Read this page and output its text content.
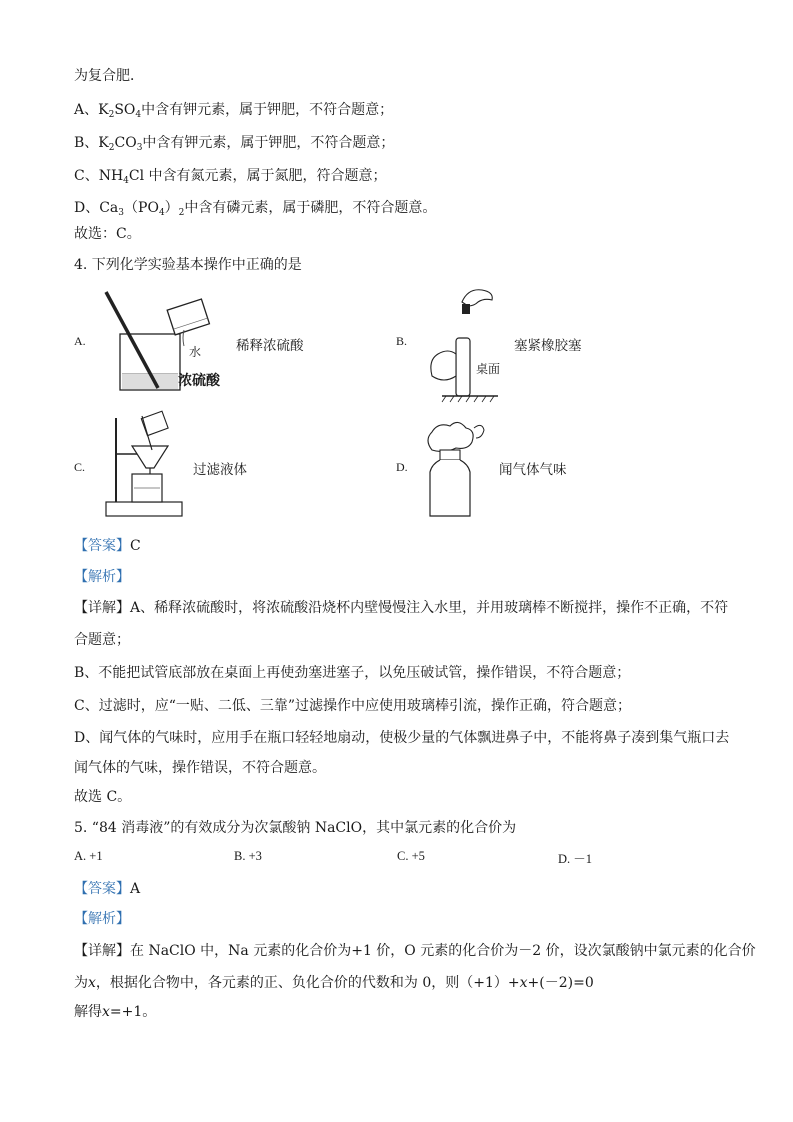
为复合肥．
A、$K_2SO_4$中含有钾元素，属于钾肥，不符合题意；
B、$K_2CO_3$中含有钾元素，属于钾肥，不符合题意；
C、$NH_4Cl$ 中含有氮元素，属于氮肥，符合题意；
D、$Ca_3(PO_4)_2$中含有磷元素，属于磷肥，不符合题意。
故选：C。
4. 下列化学实验基本操作中正确的是
A.
水
浓硫酸
稀释浓硫酸	B.
桌面
塞紧橡胶塞
C.	过滤液体	D.	闻气体气味
【答案】C
【解析】
【详解】A、稀释浓硫酸时，将浓硫酸沿烧杯内壁慢慢注入水里，并用玻璃棒不断搅拌，操作不正确，不符
合题意；
B、不能把试管底部放在桌面上再使劲塞进塞子，以免压破试管，操作错误，不符合题意；
C、过滤时，应“一贴、二低、三靠”过滤操作中应使用玻璃棒引流，操作正确，符合题意；
D、闻气体的气味时，应用手在瓶口轻轻地扇动，使极少量的气体飘进鼻子中，不能将鼻子凑到集气瓶口去
闻气体的气味，操作错误，不符合题意。
故选 C。
5. “84 消毒液”的有效成分为次氯酸钠 NaClO，其中氯元素的化合价为
A. +1	B. +3	C. +5	D. －1
【答案】A
【解析】
【详解】在 NaClO 中，Na 元素的化合价为+1 价，O 元素的化合价为－2 价，设次氯酸钠中氯元素的化合价
为x，根据化合物中，各元素的正、负化合价的代数和为 0，则（+1）+x+(－2)=0
解得x=+1。
